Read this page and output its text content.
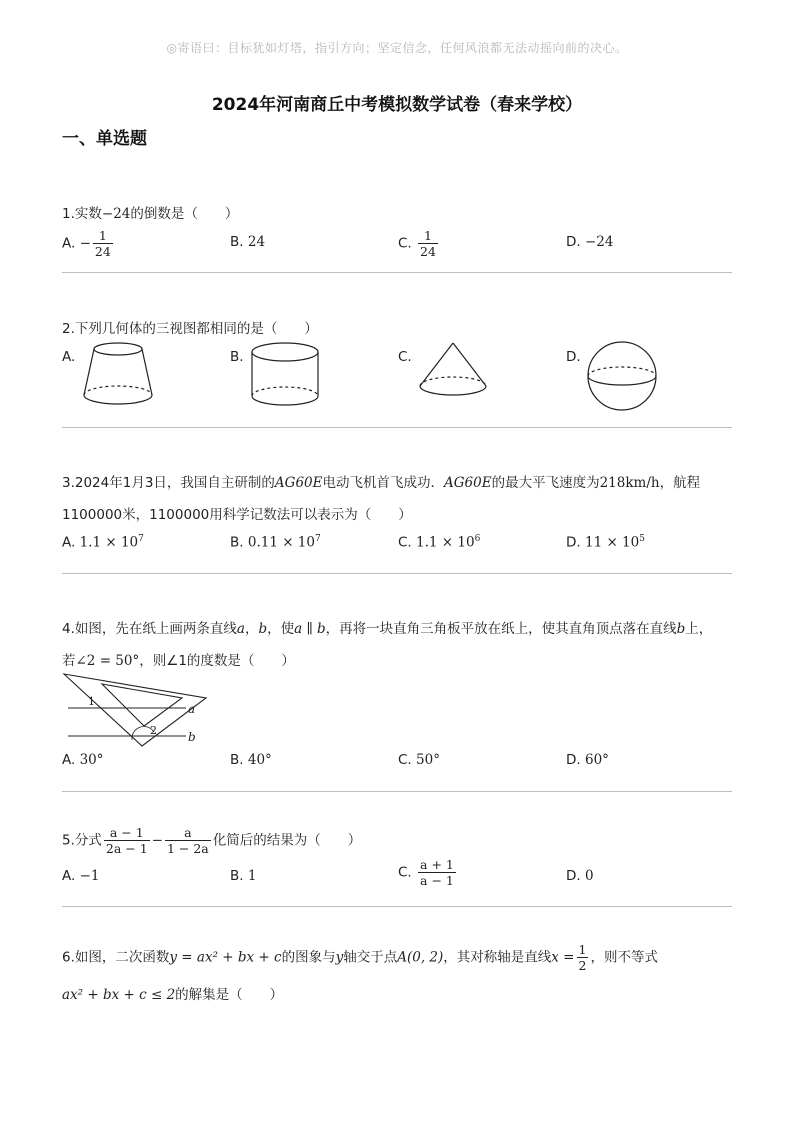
◎寄语曰：目标犹如灯塔，指引方向；坚定信念，任何风浪都无法动摇向前的决心。
2024年河南商丘中考模拟数学试卷（春来学校）
一、单选题
1.实数−24的倒数是（　　）
A. − $\frac{1}{24}$	B. 24	C. $\frac{1}{24}$	D. −24
2.下列几何体的三视图都相同的是（　　）
A.	B.	C.	D.
3.2024年1月3日，我国自主研制的AG60E电动飞机首飞成功．AG60E的最大平飞速度为218km/h，航程
1100000米，1100000用科学记数法可以表示为（　　）
A. $1.1 \times 10^7$	B. $0.11 \times 10^7$	C. $1.1 \times 10^6$	D. $11 \times 10^5$
4.如图，先在纸上画两条直线a，b，使a ∥ b，再将一块直角三角板平放在纸上，使其直角顶点落在直线b上，
若∠2 = 50°，则∠1的度数是（　　）
1
2
a
b
A. 30°	B. 40°	C. 50°	D. 60°
5.分式 $\frac{a - 1}{2a - 1} - \frac{a}{1 - 2a}$ 化简后的结果为（　　）
A. −1	B. 1	C. $\frac{a + 1}{a - 1}$	D. 0
6.如图，二次函数y = ax² + bx + c的图象与y轴交于点A(0, 2)，其对称轴是直线$x = \frac{1}{2}$ ，则不等式
ax² + bx + c ≤ 2的解集是（　　）
